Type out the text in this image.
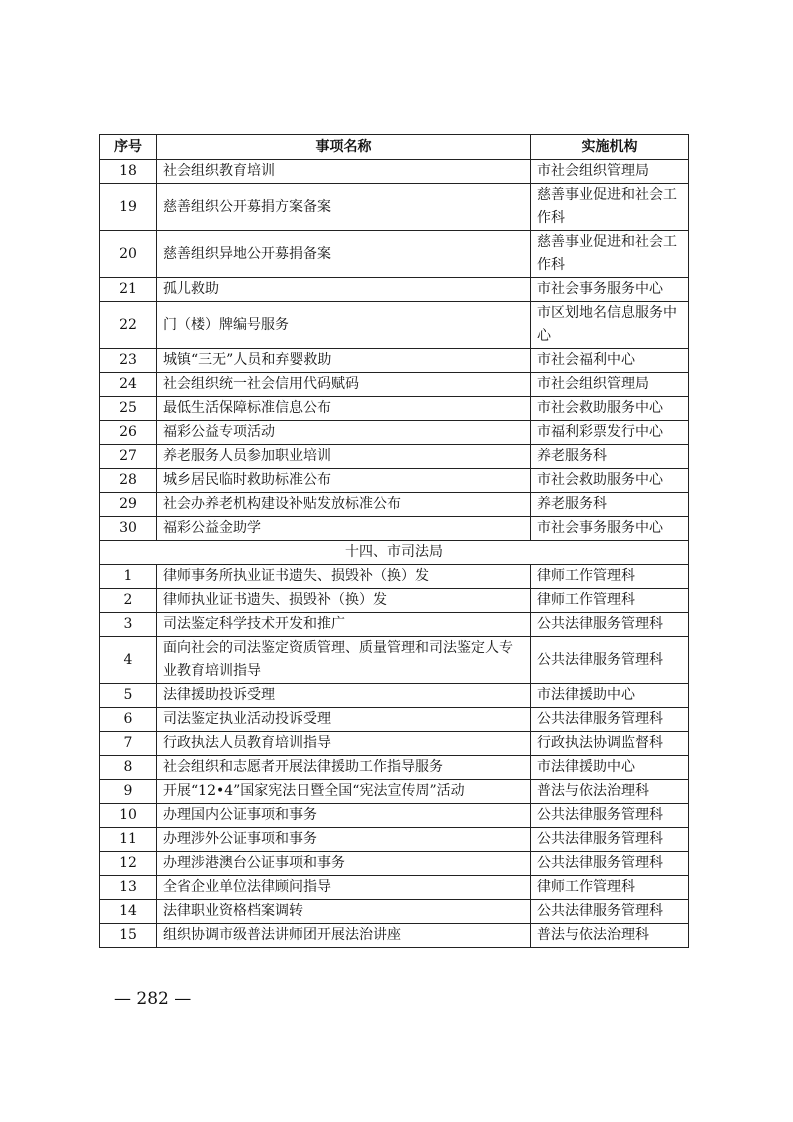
序号	事项名称	实施机构
18	社会组织教育培训	市社会组织管理局
19	慈善组织公开募捐方案备案	慈善事业促进和社会工作科
20	慈善组织异地公开募捐备案	慈善事业促进和社会工作科
21	孤儿救助	市社会事务服务中心
22	门（楼）牌编号服务	市区划地名信息服务中心
23	城镇“三无”人员和弃婴救助	市社会福利中心
24	社会组织统一社会信用代码赋码	市社会组织管理局
25	最低生活保障标准信息公布	市社会救助服务中心
26	福彩公益专项活动	市福利彩票发行中心
27	养老服务人员参加职业培训	养老服务科
28	城乡居民临时救助标准公布	市社会救助服务中心
29	社会办养老机构建设补贴发放标准公布	养老服务科
30	福彩公益金助学	市社会事务服务中心
十四、市司法局		
1	律师事务所执业证书遗失、损毁补（换）发	律师工作管理科
2	律师执业证书遗失、损毁补（换）发	律师工作管理科
3	司法鉴定科学技术开发和推广	公共法律服务管理科
4	面向社会的司法鉴定资质管理、质量管理和司法鉴定人专业教育培训指导	公共法律服务管理科
5	法律援助投诉受理	市法律援助中心
6	司法鉴定执业活动投诉受理	公共法律服务管理科
7	行政执法人员教育培训指导	行政执法协调监督科
8	社会组织和志愿者开展法律援助工作指导服务	市法律援助中心
9	开展“12•4”国家宪法日暨全国“宪法宣传周”活动	普法与依法治理科
10	办理国内公证事项和事务	公共法律服务管理科
11	办理涉外公证事项和事务	公共法律服务管理科
12	办理涉港澳台公证事项和事务	公共法律服务管理科
13	全省企业单位法律顾问指导	律师工作管理科
14	法律职业资格档案调转	公共法律服务管理科
15	组织协调市级普法讲师团开展法治讲座	普法与依法治理科
— 282 —
